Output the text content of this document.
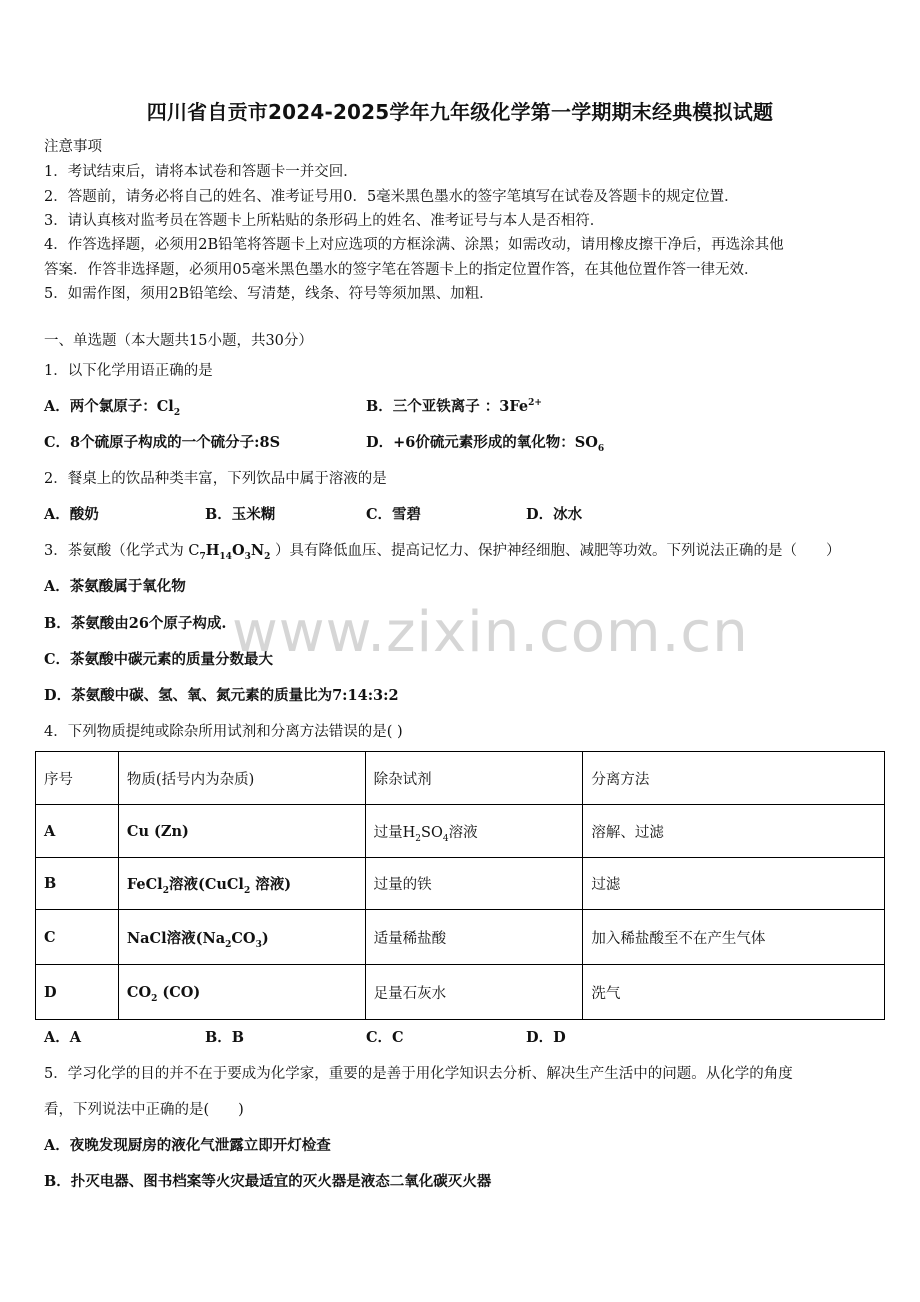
www.zixin.com.cn
四川省自贡市2024-2025学年九年级化学第一学期期末经典模拟试题
注意事项
1．考试结束后，请将本试卷和答题卡一并交回．
2．答题前，请务必将自己的姓名、准考证号用0．5毫米黑色墨水的签字笔填写在试卷及答题卡的规定位置．
3．请认真核对监考员在答题卡上所粘贴的条形码上的姓名、准考证号与本人是否相符．
4．作答选择题，必须用2B铅笔将答题卡上对应选项的方框涂满、涂黑；如需改动，请用橡皮擦干净后，再选涂其他
答案．作答非选择题，必须用05毫米黑色墨水的签字笔在答题卡上的指定位置作答，在其他位置作答一律无效．
5．如需作图，须用2B铅笔绘、写清楚，线条、符号等须加黑、加粗．
一、单选题（本大题共15小题，共30分）
1．以下化学用语正确的是
A．两个氯原子：$Cl_2$	B．三个亚铁离子 ：$3Fe^{2+}$
C．8个硫原子构成的一个硫分子:8S	D．+6价硫元素形成的氧化物：$SO_6$
2．餐桌上的饮品种类丰富，下列饮品中属于溶液的是
A．酸奶	B．玉米糊	C．雪碧	D．冰水
3．茶氨酸（化学式为 $C_7H_{14}O_3N_2$ ）具有降低血压、提高记忆力、保护神经细胞、减肥等功效。下列说法正确的是（　　）
A．茶氨酸属于氧化物
B．茶氨酸由26个原子构成.
C．茶氨酸中碳元素的质量分数最大
D．茶氨酸中碳、氢、氧、氮元素的质量比为7:14:3:2
4．下列物质提纯或除杂所用试剂和分离方法错误的是( )
序号	物质(括号内为杂质)	除杂试剂	分离方法
A	Cu (Zn)	过量$H_2SO_4$溶液	溶解、过滤
B	FeCl$_2$溶液(CuCl$_2$ 溶液)	过量的铁	过滤
C	NaCl溶液$(Na_2CO_3)$	适量稀盐酸	加入稀盐酸至不在产生气体
D	$CO_2$ (CO)	足量石灰水	洗气
A．A	B．B	C．C	D．D
5．学习化学的目的并不在于要成为化学家，重要的是善于用化学知识去分析、解决生产生活中的问题。从化学的角度
看，下列说法中正确的是(　　)
A．夜晚发现厨房的液化气泄露立即开灯检查
B．扑灭电器、图书档案等火灾最适宜的灭火器是液态二氧化碳灭火器
